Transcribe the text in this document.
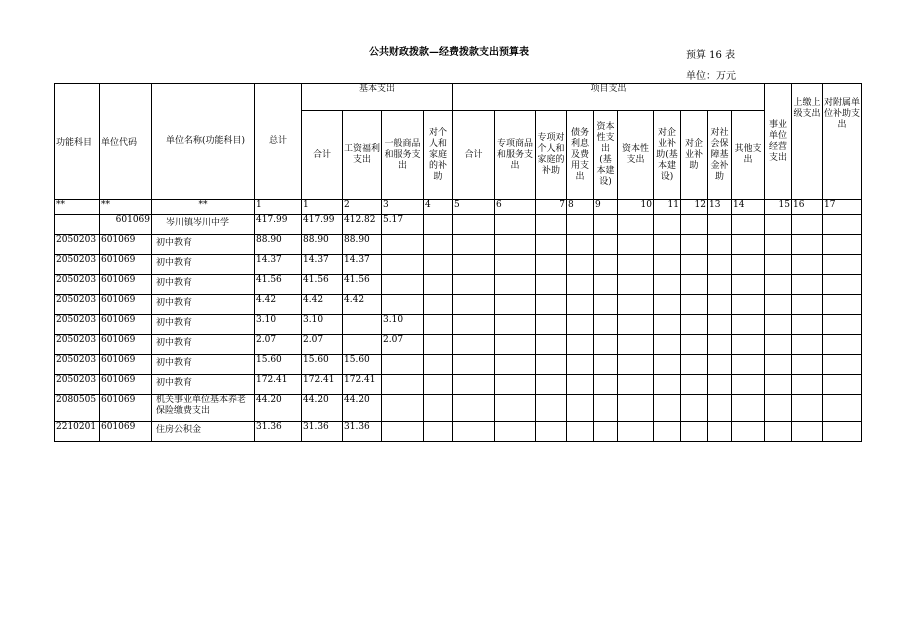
公共财政拨款—经费拨款支出预算表	预算 16 表
单位：万元
功能科目	单位代码	单位名称(功能科目)	总计	基本支出				项目支出										事业单位经营支出	上缴上级支出	对附属单位补助支出
				合计	工资福利支出	一般商品和服务支出	对个人和家庭的补助	合计	专项商品和服务支出	专项对个人和家庭的补助	债务利息及费用支出	资本性支出(基本建设)	资本性支出	对企业补助(基本建设)	对企业补助	对社会保障基金补助	其他支出			
**	**	**	1	1	2	3	4	5	6	7	8	9	10	11	12	13	14	15	16	17
	601069	岑川镇岑川中学	417.99	417.99	412.82	5.17														
2050203	601069	初中教育	88.90	88.90	88.90															
2050203	601069	初中教育	14.37	14.37	14.37															
2050203	601069	初中教育	41.56	41.56	41.56															
2050203	601069	初中教育	4.42	4.42	4.42															
2050203	601069	初中教育	3.10	3.10		3.10														
2050203	601069	初中教育	2.07	2.07		2.07														
2050203	601069	初中教育	15.60	15.60	15.60															
2050203	601069	初中教育	172.41	172.41	172.41															
2080505	601069	机关事业单位基本养老保险缴费支出	44.20	44.20	44.20															
2210201	601069	住房公积金	31.36	31.36	31.36															
